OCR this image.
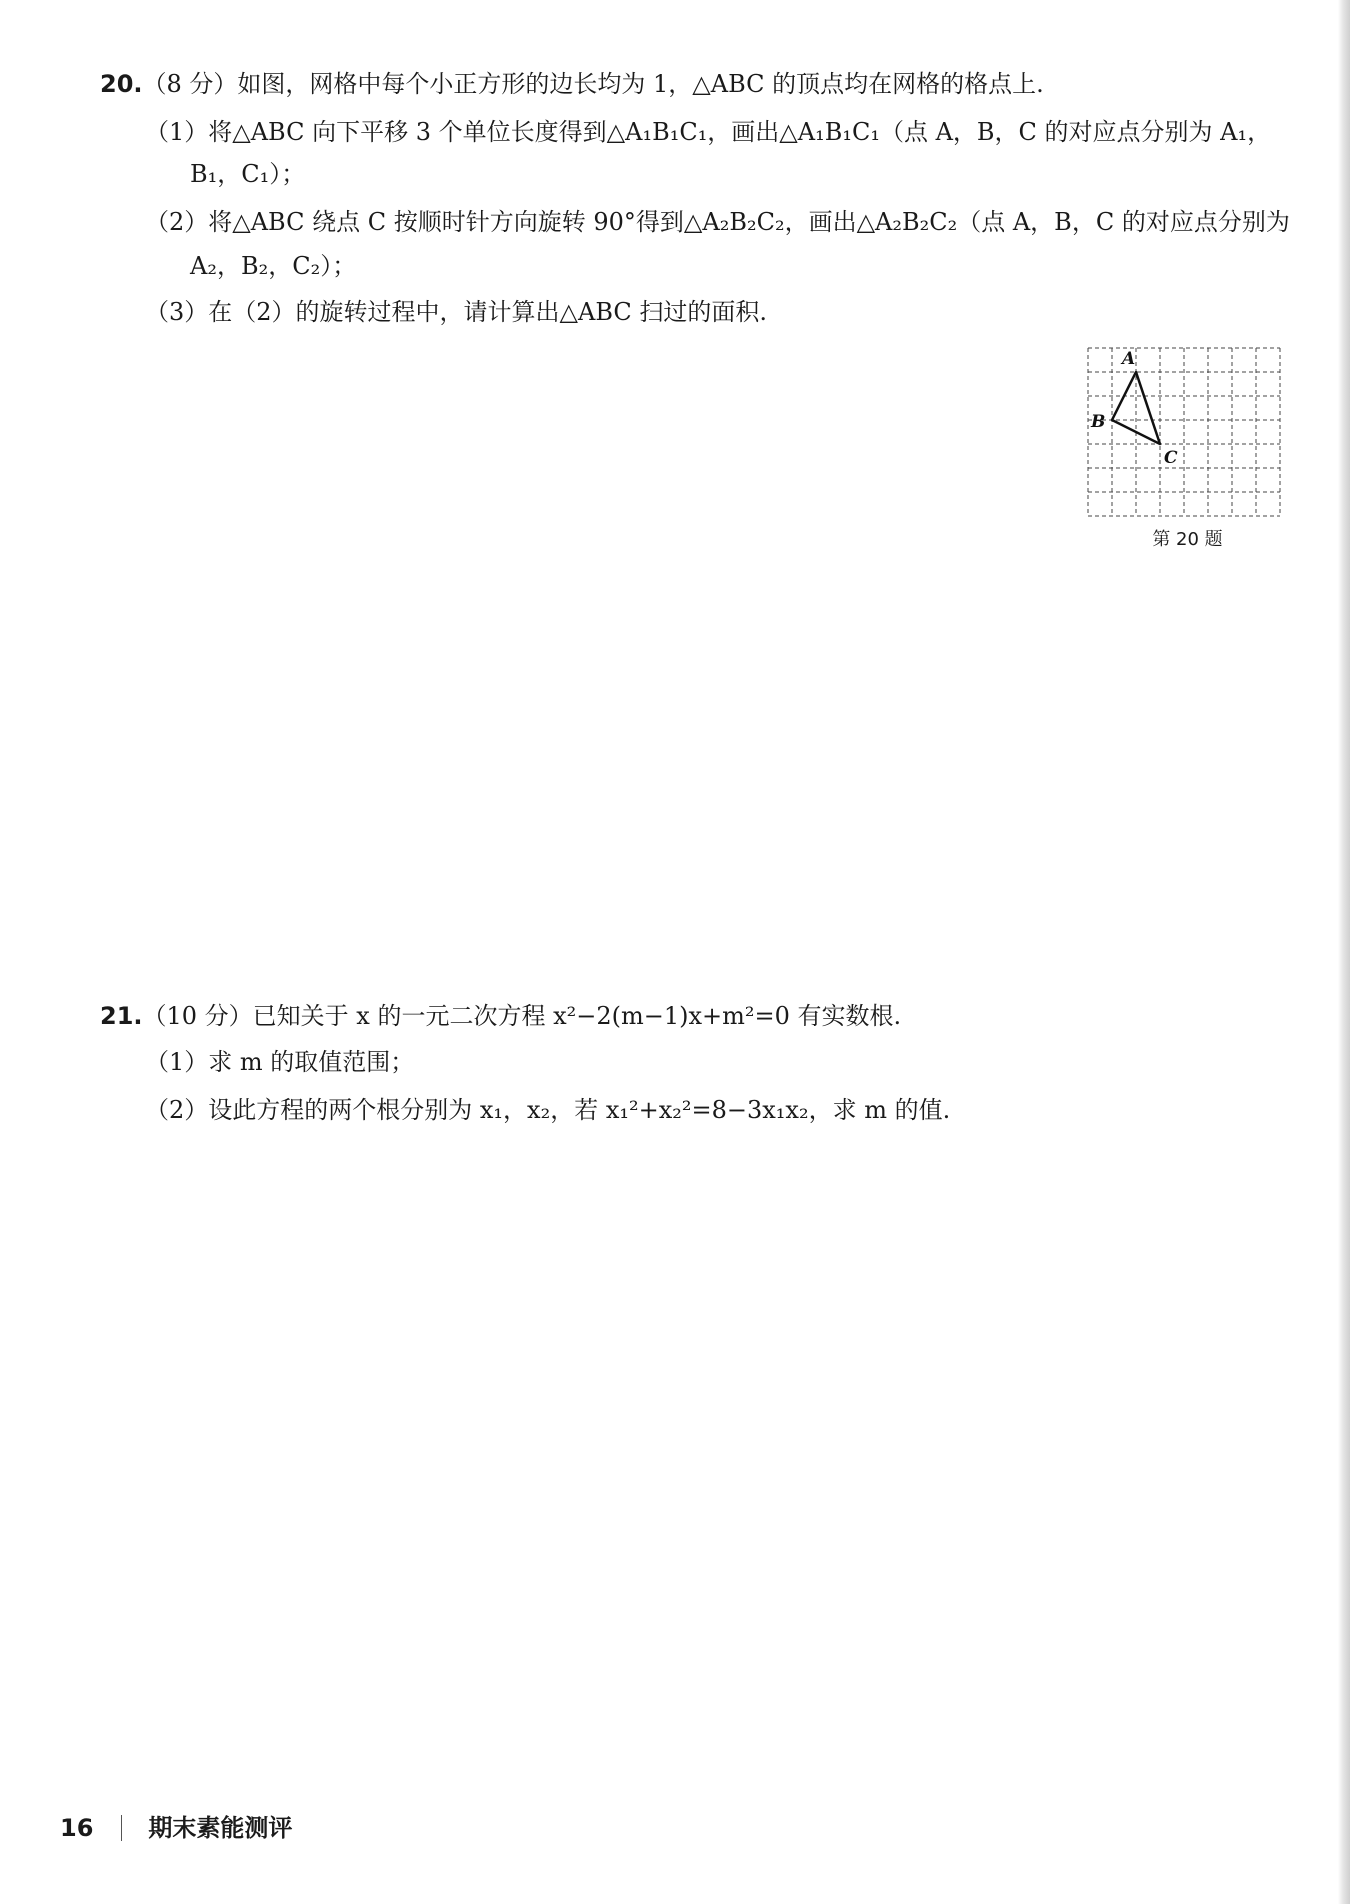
20.（8 分）如图，网格中每个小正方形的边长均为 1，△ABC 的顶点均在网格的格点上.
（1）将△ABC 向下平移 3 个单位长度得到△A₁B₁C₁，画出△A₁B₁C₁（点 A，B，C 的对应点分别为 A₁，
B₁，C₁）；
（2）将△ABC 绕点 C 按顺时针方向旋转 90°得到△A₂B₂C₂，画出△A₂B₂C₂（点 A，B，C 的对应点分别为
A₂，B₂，C₂）；
（3）在（2）的旋转过程中，请计算出△ABC 扫过的面积.
A
B
C
第 20 题
21.（10 分）已知关于 x 的一元二次方程 x²−2(m−1)x+m²=0 有实数根.
（1）求 m 的取值范围；
（2）设此方程的两个根分别为 x₁，x₂，若 x₁²+x₂²=8−3x₁x₂，求 m 的值.
16 期末素能测评
